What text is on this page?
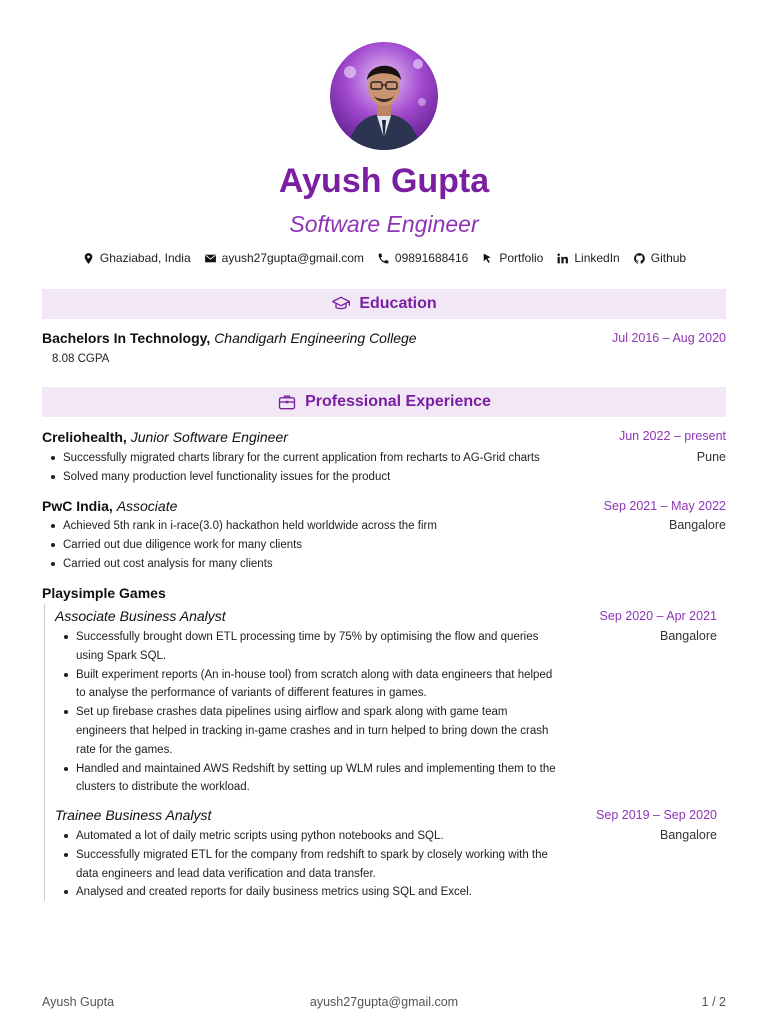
Ayush Gupta
Software Engineer
Ghaziabad, India	ayush27gupta@gmail.com	09891688416	Portfolio	LinkedIn	Github
Education
Bachelors In Technology, Chandigarh Engineering College	Jul 2016 – Aug 2020
8.08 CGPA
Professional Experience
Creliohealth, Junior Software Engineer	Jun 2022 – present
Pune
Successfully migrated charts library for the current application from recharts to AG-Grid charts
Solved many production level functionality issues for the product
PwC India, Associate	Sep 2021 – May 2022
Bangalore
Achieved 5th rank in i-race(3.0) hackathon held worldwide across the firm
Carried out due diligence work for many clients
Carried out cost analysis for many clients
Playsimple Games
Associate Business Analyst	Sep 2020 – Apr 2021
Bangalore
Successfully brought down ETL processing time by 75% by optimising the flow and queries using Spark SQL.
Built experiment reports (An in-house tool) from scratch along with data engineers that helped to analyse the performance of variants of different features in games.
Set up firebase crashes data pipelines using airflow and spark along with game team engineers that helped in tracking in-game crashes and in turn helped to bring down the crash rate for the games.
Handled and maintained AWS Redshift by setting up WLM rules and implementing them to the clusters to distribute the workload.
Trainee Business Analyst	Sep 2019 – Sep 2020
Bangalore
Automated a lot of daily metric scripts using python notebooks and SQL.
Successfully migrated ETL for the company from redshift to spark by closely working with the data engineers and lead data verification and data transfer.
Analysed and created reports for daily business metrics using SQL and Excel.
Ayush Gupta	ayush27gupta@gmail.com	1 / 2
